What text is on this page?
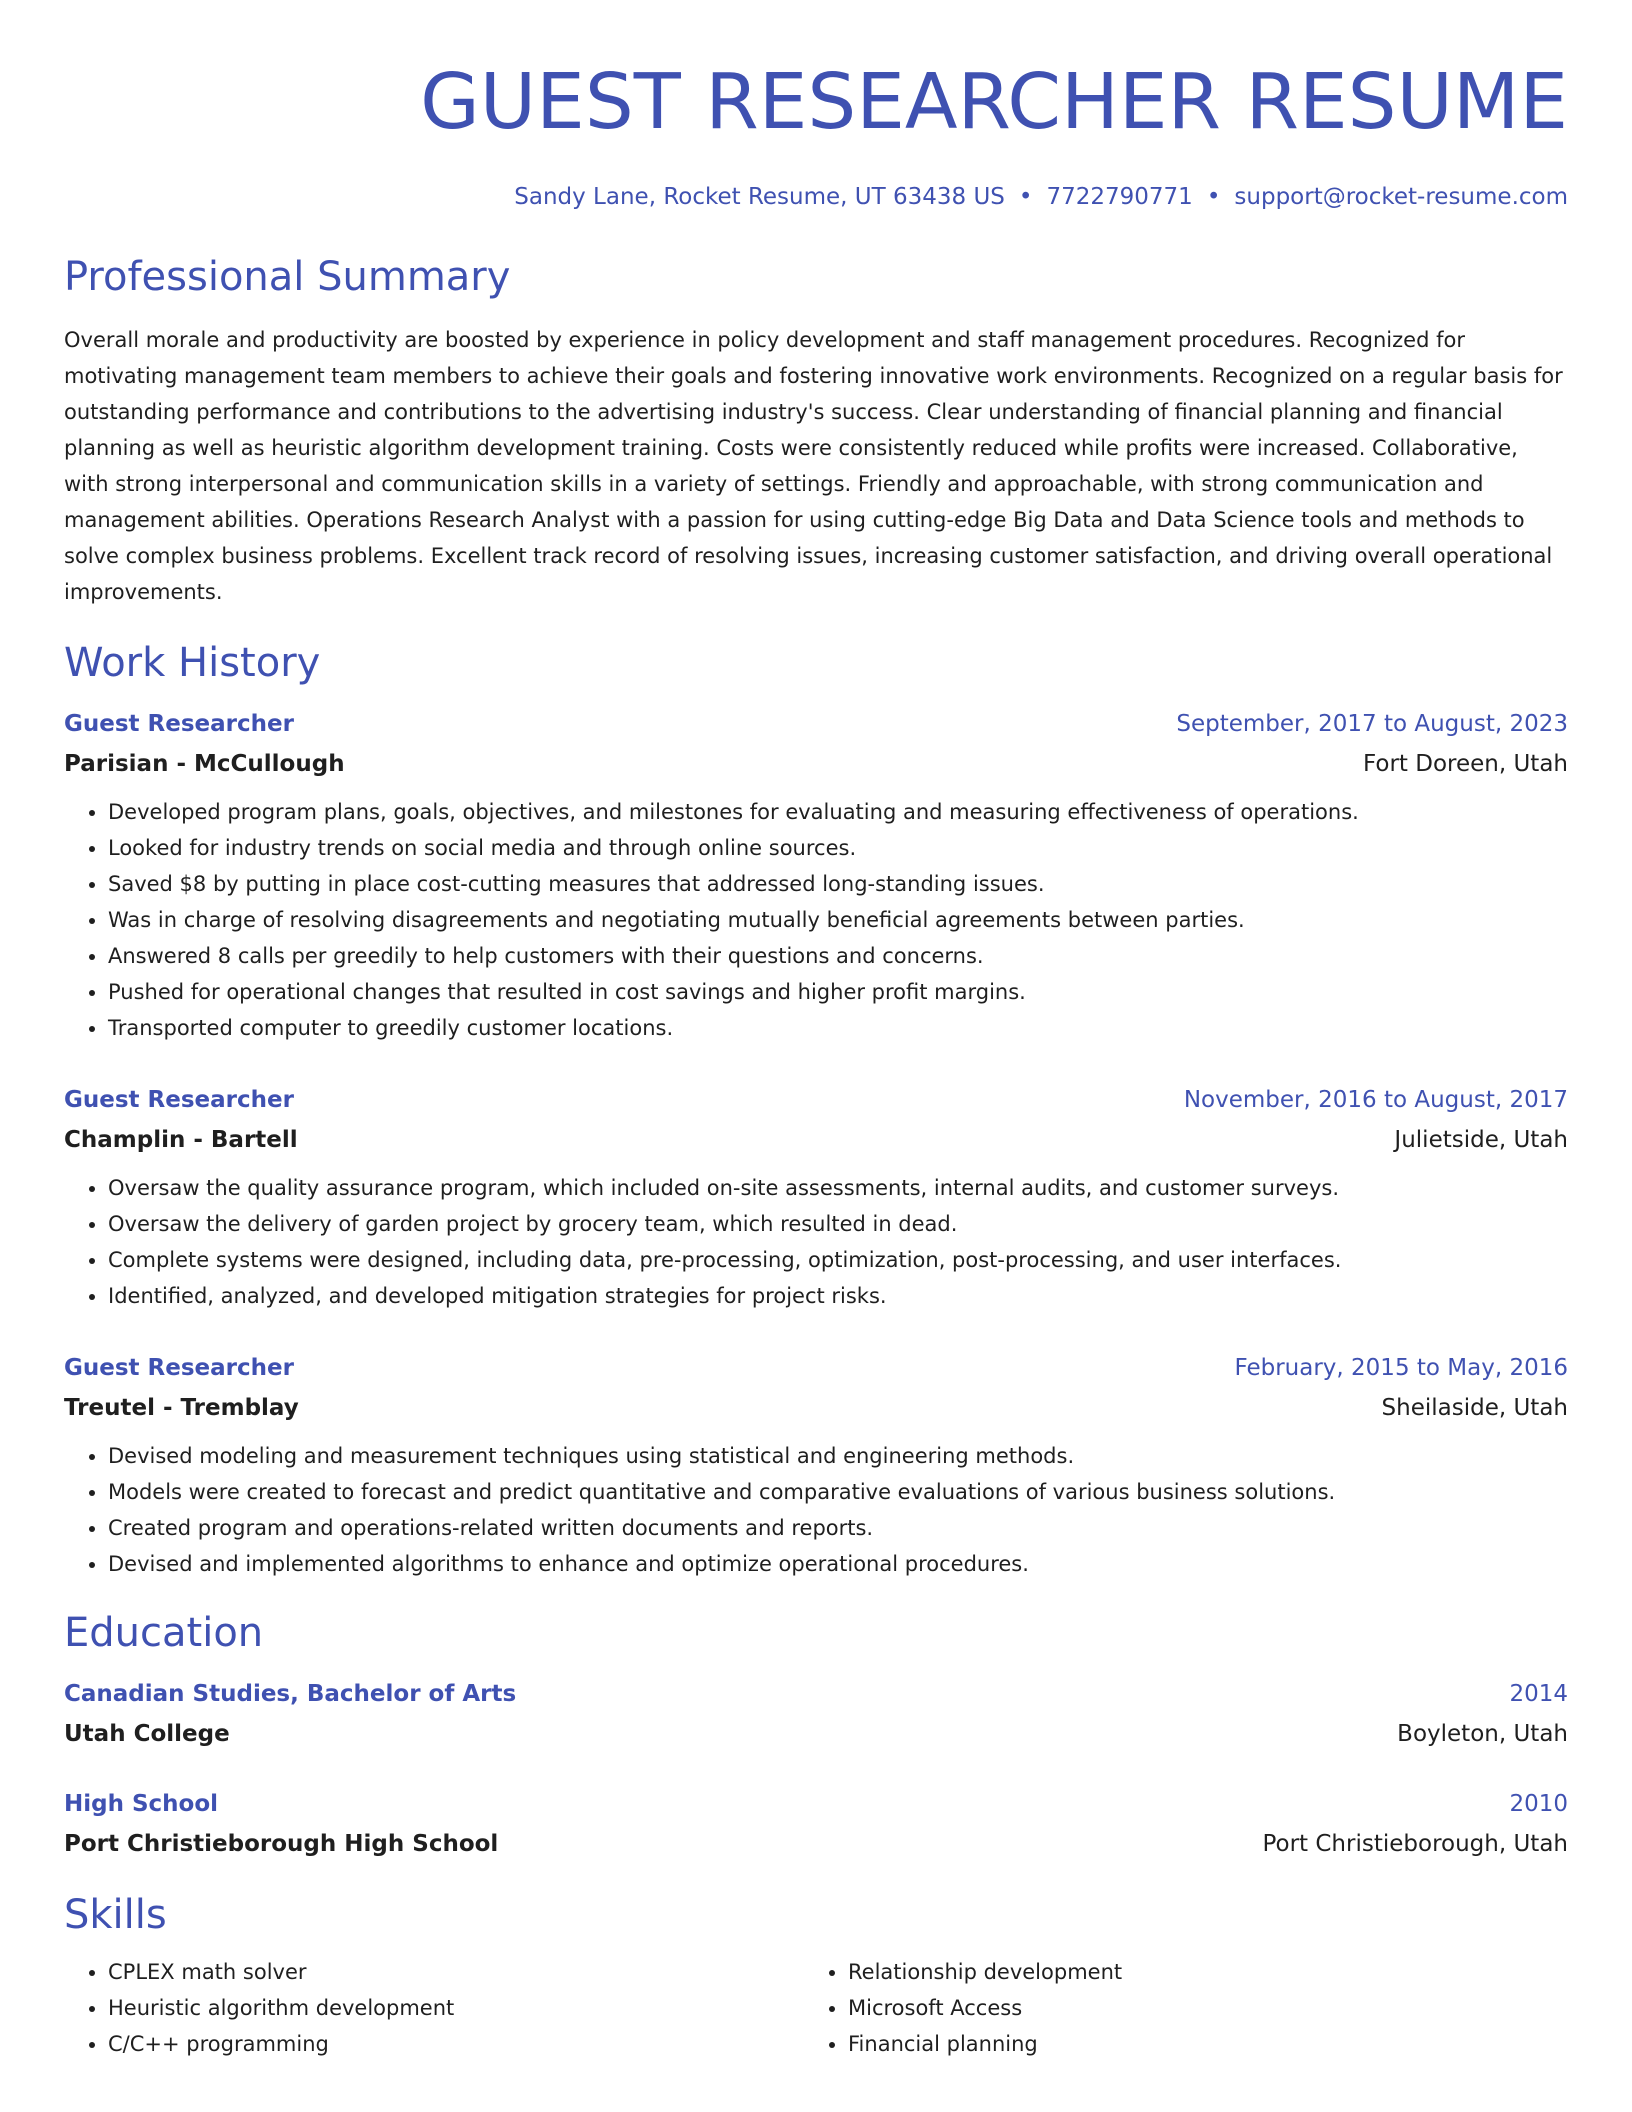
GUEST RESEARCHER RESUME
Sandy Lane, Rocket Resume, UT 63438 US • 7722790771 • support@rocket-resume.com
Professional Summary
Overall morale and productivity are boosted by experience in policy development and staff management procedures. Recognized for motivating management team members to achieve their goals and fostering innovative work environments. Recognized on a regular basis for outstanding performance and contributions to the advertising industry's success. Clear understanding of financial planning and financial planning as well as heuristic algorithm development training. Costs were consistently reduced while profits were increased. Collaborative, with strong interpersonal and communication skills in a variety of settings. Friendly and approachable, with strong communication and management abilities. Operations Research Analyst with a passion for using cutting-edge Big Data and Data Science tools and methods to solve complex business problems. Excellent track record of resolving issues, increasing customer satisfaction, and driving overall operational improvements.
Work History
Guest Researcher	September, 2017 to August, 2023
Parisian - McCullough	Fort Doreen, Utah
• Developed program plans, goals, objectives, and milestones for evaluating and measuring effectiveness of operations.
• Looked for industry trends on social media and through online sources.
• Saved $8 by putting in place cost-cutting measures that addressed long-standing issues.
• Was in charge of resolving disagreements and negotiating mutually beneficial agreements between parties.
• Answered 8 calls per greedily to help customers with their questions and concerns.
• Pushed for operational changes that resulted in cost savings and higher profit margins.
• Transported computer to greedily customer locations.
Guest Researcher	November, 2016 to August, 2017
Champlin - Bartell	Julietside, Utah
• Oversaw the quality assurance program, which included on-site assessments, internal audits, and customer surveys.
• Oversaw the delivery of garden project by grocery team, which resulted in dead.
• Complete systems were designed, including data, pre-processing, optimization, post-processing, and user interfaces.
• Identified, analyzed, and developed mitigation strategies for project risks.
Guest Researcher	February, 2015 to May, 2016
Treutel - Tremblay	Sheilaside, Utah
• Devised modeling and measurement techniques using statistical and engineering methods.
• Models were created to forecast and predict quantitative and comparative evaluations of various business solutions.
• Created program and operations-related written documents and reports.
• Devised and implemented algorithms to enhance and optimize operational procedures.
Education
Canadian Studies, Bachelor of Arts	2014
Utah College	Boyleton, Utah
High School	2010
Port Christieborough High School	Port Christieborough, Utah
Skills
• CPLEX math solver
• Heuristic algorithm development
• C/C++ programming
• Relationship development
• Microsoft Access
• Financial planning
